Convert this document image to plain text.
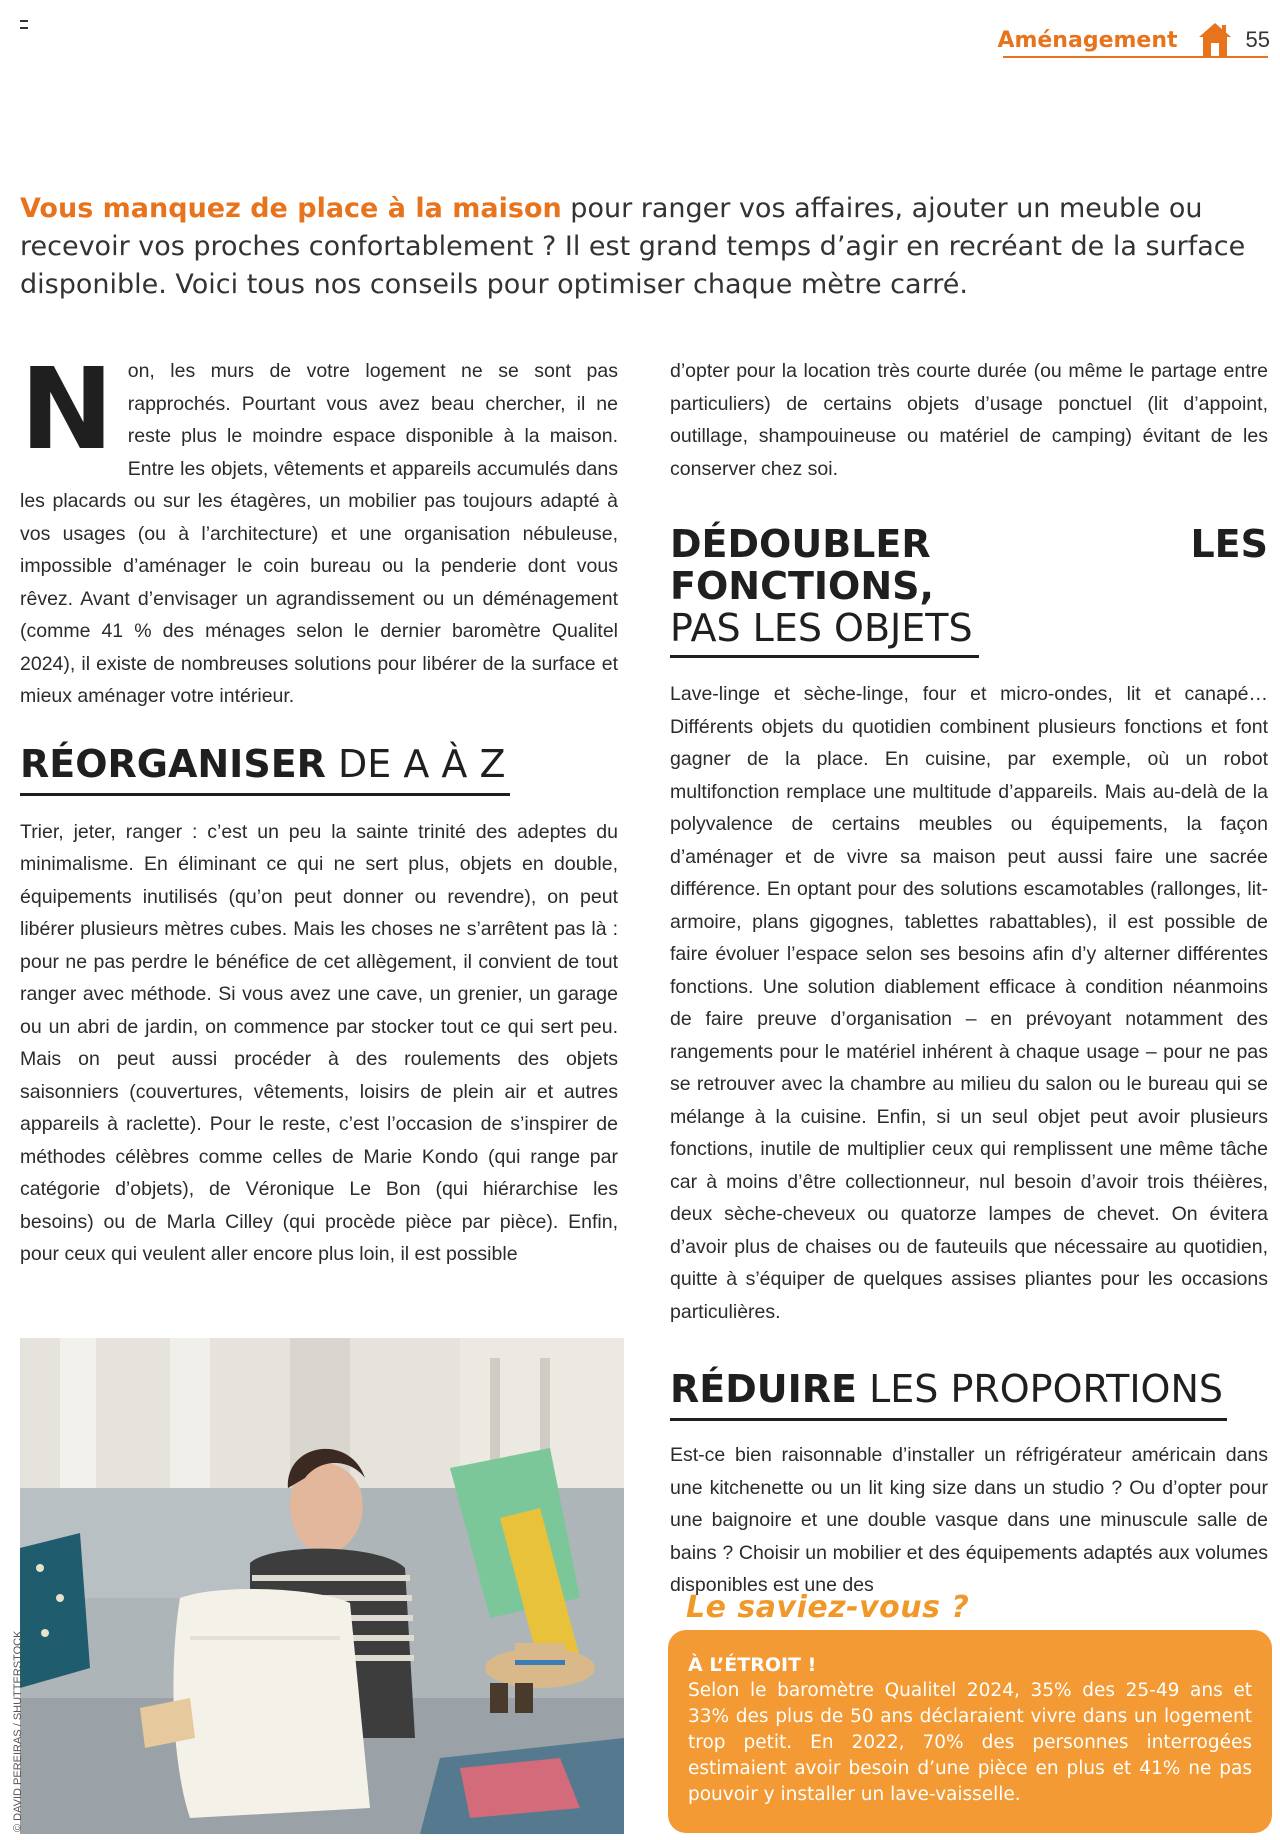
Aménagement	55
Vous manquez de place à la maison pour ranger vos affaires, ajouter un meuble ou recevoir vos proches confortablement ? Il est grand temps d’agir en recréant de la surface disponible. Voici tous nos conseils pour optimiser chaque mètre carré.

Non, les murs de votre logement ne se sont pas rapprochés. Pourtant vous avez beau chercher, il ne reste plus le moindre espace disponible à la maison. Entre les objets, vêtements et appareils accumulés dans les placards ou sur les étagères, un mobilier pas toujours adapté à vos usages (ou à l’architecture) et une organisation nébuleuse, impossible d’aménager le coin bureau ou la penderie dont vous rêvez. Avant d’envisager un agrandissement ou un déménagement (comme 41 % des ménages selon le dernier baromètre Qualitel 2024), il existe de nombreuses solutions pour libérer de la surface et mieux aménager votre intérieur.

RÉORGANISER DE A À Z

Trier, jeter, ranger : c’est un peu la sainte trinité des adeptes du minimalisme. En éliminant ce qui ne sert plus, objets en double, équipements inutilisés (qu’on peut donner ou revendre), on peut libérer plusieurs mètres cubes. Mais les choses ne s’arrêtent pas là : pour ne pas perdre le bénéfice de cet allègement, il convient de tout ranger avec méthode. Si vous avez une cave, un grenier, un garage ou un abri de jardin, on commence par stocker tout ce qui sert peu. Mais on peut aussi procéder à des roulements des objets saisonniers (couvertures, vêtements, loisirs de plein air et autres appareils à raclette). Pour le reste, c’est l’occasion de s’inspirer de méthodes célèbres comme celles de Marie Kondo (qui range par catégorie d’objets), de Véronique Le Bon (qui hiérarchise les besoins) ou de Marla Cilley (qui procède pièce par pièce). Enfin, pour ceux qui veulent aller encore plus loin, il est possible

d’opter pour la location très courte durée (ou même le partage entre particuliers) de certains objets d’usage ponctuel (lit d’appoint, outillage, shampouineuse ou matériel de camping) évitant de les conserver chez soi.

DÉDOUBLER LES FONCTIONS,
PAS LES OBJETS

Lave-linge et sèche-linge, four et micro-ondes, lit et canapé… Différents objets du quotidien combinent plusieurs fonctions et font gagner de la place. En cuisine, par exemple, où un robot multifonction remplace une multitude d’appareils. Mais au-delà de la polyvalence de certains meubles ou équipements, la façon d’aménager et de vivre sa maison peut aussi faire une sacrée différence. En optant pour des solutions escamotables (rallonges, lit-armoire, plans gigognes, tablettes rabattables), il est possible de faire évoluer l’espace selon ses besoins afin d’y alterner différentes fonctions. Une solution diablement efficace à condition néanmoins de faire preuve d’organisation – en prévoyant notamment des rangements pour le matériel inhérent à chaque usage – pour ne pas se retrouver avec la chambre au milieu du salon ou le bureau qui se mélange à la cuisine. Enfin, si un seul objet peut avoir plusieurs fonctions, inutile de multiplier ceux qui remplissent une même tâche car à moins d’être collectionneur, nul besoin d’avoir trois théières, deux sèche-cheveux ou quatorze lampes de chevet. On évitera d’avoir plus de chaises ou de fauteuils que nécessaire au quotidien, quitte à s’équiper de quelques assises pliantes pour les occasions particulières.

RÉDUIRE LES PROPORTIONS

Est-ce bien raisonnable d’installer un réfrigérateur américain dans une kitchenette ou un lit king size dans un studio ? Ou d’opter pour une baignoire et une double vasque dans une minuscule salle de bains ? Choisir un mobilier et des équipements adaptés aux volumes disponibles est une des

© DAVID PEREIRAS / SHUTTERSTOCK
Le saviez-vous ?
À L’ÉTROIT !
Selon le baromètre Qualitel 2024, 35% des 25-49 ans et 33% des plus de 50 ans déclaraient vivre dans un logement trop petit. En 2022, 70% des personnes interrogées estimaient avoir besoin d’une pièce en plus et 41% ne pas pouvoir y installer un lave-vaisselle.
